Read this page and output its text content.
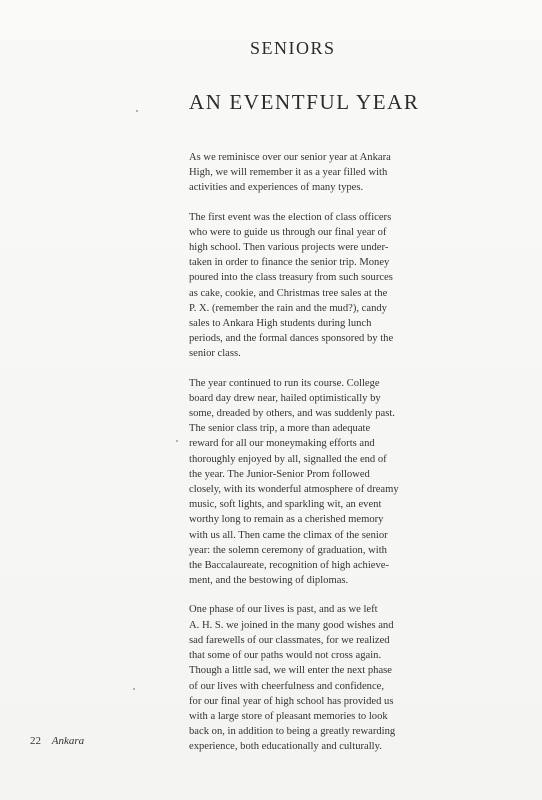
SENIORS
AN EVENTFUL YEAR

As we reminisce over our senior year at Ankara
High, we will remember it as a year filled with
activities and experiences of many types.

The first event was the election of class officers
who were to guide us through our final year of
high school. Then various projects were under-
taken in order to finance the senior trip. Money
poured into the class treasury from such sources
as cake, cookie, and Christmas tree sales at the
P. X. (remember the rain and the mud?), candy
sales to Ankara High students during lunch
periods, and the formal dances sponsored by the
senior class.

The year continued to run its course. College
board day drew near, hailed optimistically by
some, dreaded by others, and was suddenly past.
The senior class trip, a more than adequate
reward for all our moneymaking efforts and
thoroughly enjoyed by all, signalled the end of
the year. The Junior-Senior Prom followed
closely, with its wonderful atmosphere of dreamy
music, soft lights, and sparkling wit, an event
worthy long to remain as a cherished memory
with us all. Then came the climax of the senior
year: the solemn ceremony of graduation, with
the Baccalaureate, recognition of high achieve-
ment, and the bestowing of diplomas.

One phase of our lives is past, and as we left
A. H. S. we joined in the many good wishes and
sad farewells of our classmates, for we realized
that some of our paths would not cross again.
Though a little sad, we will enter the next phase
of our lives with cheerfulness and confidence,
for our final year of high school has provided us
with a large store of pleasant memories to look
back on, in addition to being a greatly rewarding
experience, both educationally and culturally.

22 Ankara
